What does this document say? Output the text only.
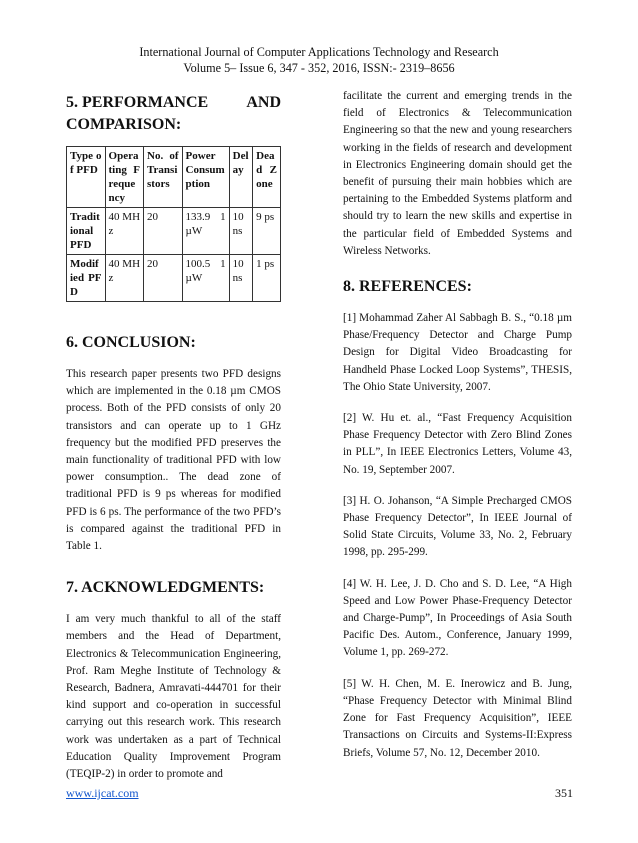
International Journal of Computer Applications Technology and Research
Volume 5– Issue 6, 347 - 352, 2016, ISSN:- 2319–8656
5. PERFORMANCE AND
COMPARISON:
Type of PFD	Operating Frequency	No. of Transistors	Power Consumption	Delay	Dead Zone
Traditional PFD	40 MHz	20	133.9 1 µW	10 ns	9 ps
Modified PFD	40 MHz	20	100.5 1 µW	10 ns	1 ps
6. CONCLUSION:

This research paper presents two PFD designs which are implemented in the 0.18 µm CMOS process. Both of the PFD consists of only 20 transistors and can operate up to 1 GHz frequency but the modified PFD preserves the main functionality of traditional PFD with low power consumption.. The dead zone of traditional PFD is 9 ps whereas for modified PFD is 6 ps. The performance of the two PFD’s is compared against the traditional PFD in Table 1.

7. ACKNOWLEDGMENTS:

I am very much thankful to all of the staff members and the Head of Department, Electronics & Telecommunication Engineering, Prof. Ram Meghe Institute of Technology & Research, Badnera, Amravati-444701 for their kind support and co-operation in successful carrying out this research work. This research work was undertaken as a part of Technical Education Quality Improvement Program (TEQIP-2) in order to promote and

facilitate the current and emerging trends in the field of Electronics & Telecommunication Engineering so that the new and young researchers working in the fields of research and development in Electronics Engineering domain should get the benefit of pursuing their main hobbies which are pertaining to the Embedded Systems platform and should try to learn the new skills and expertise in the particular field of Embedded Systems and Wireless Networks.

8. REFERENCES:

[1] Mohammad Zaher Al Sabbagh B. S., “0.18 µm Phase/Frequency Detector and Charge Pump Design for Digital Video Broadcasting for Handheld Phase Locked Loop Systems”, THESIS, The Ohio State University, 2007.

[2] W. Hu et. al., “Fast Frequency Acquisition Phase Frequency Detector with Zero Blind Zones in PLL”, In IEEE Electronics Letters, Volume 43, No. 19, September 2007.

[3] H. O. Johanson, “A Simple Precharged CMOS Phase Frequency Detector”, In IEEE Journal of Solid State Circuits, Volume 33, No. 2, February 1998, pp. 295-299.

[4] W. H. Lee, J. D. Cho and S. D. Lee, “A High Speed and Low Power Phase-Frequency Detector and Charge-Pump”, In Proceedings of Asia South Pacific Des. Autom., Conference, January 1999, Volume 1, pp. 269-272.

[5] W. H. Chen, M. E. Inerowicz and B. Jung, “Phase Frequency Detector with Minimal Blind Zone for Fast Frequency Acquisition”, IEEE Transactions on Circuits and Systems-II:Express Briefs, Volume 57, No. 12, December 2010.

www.ijcat.com	351
